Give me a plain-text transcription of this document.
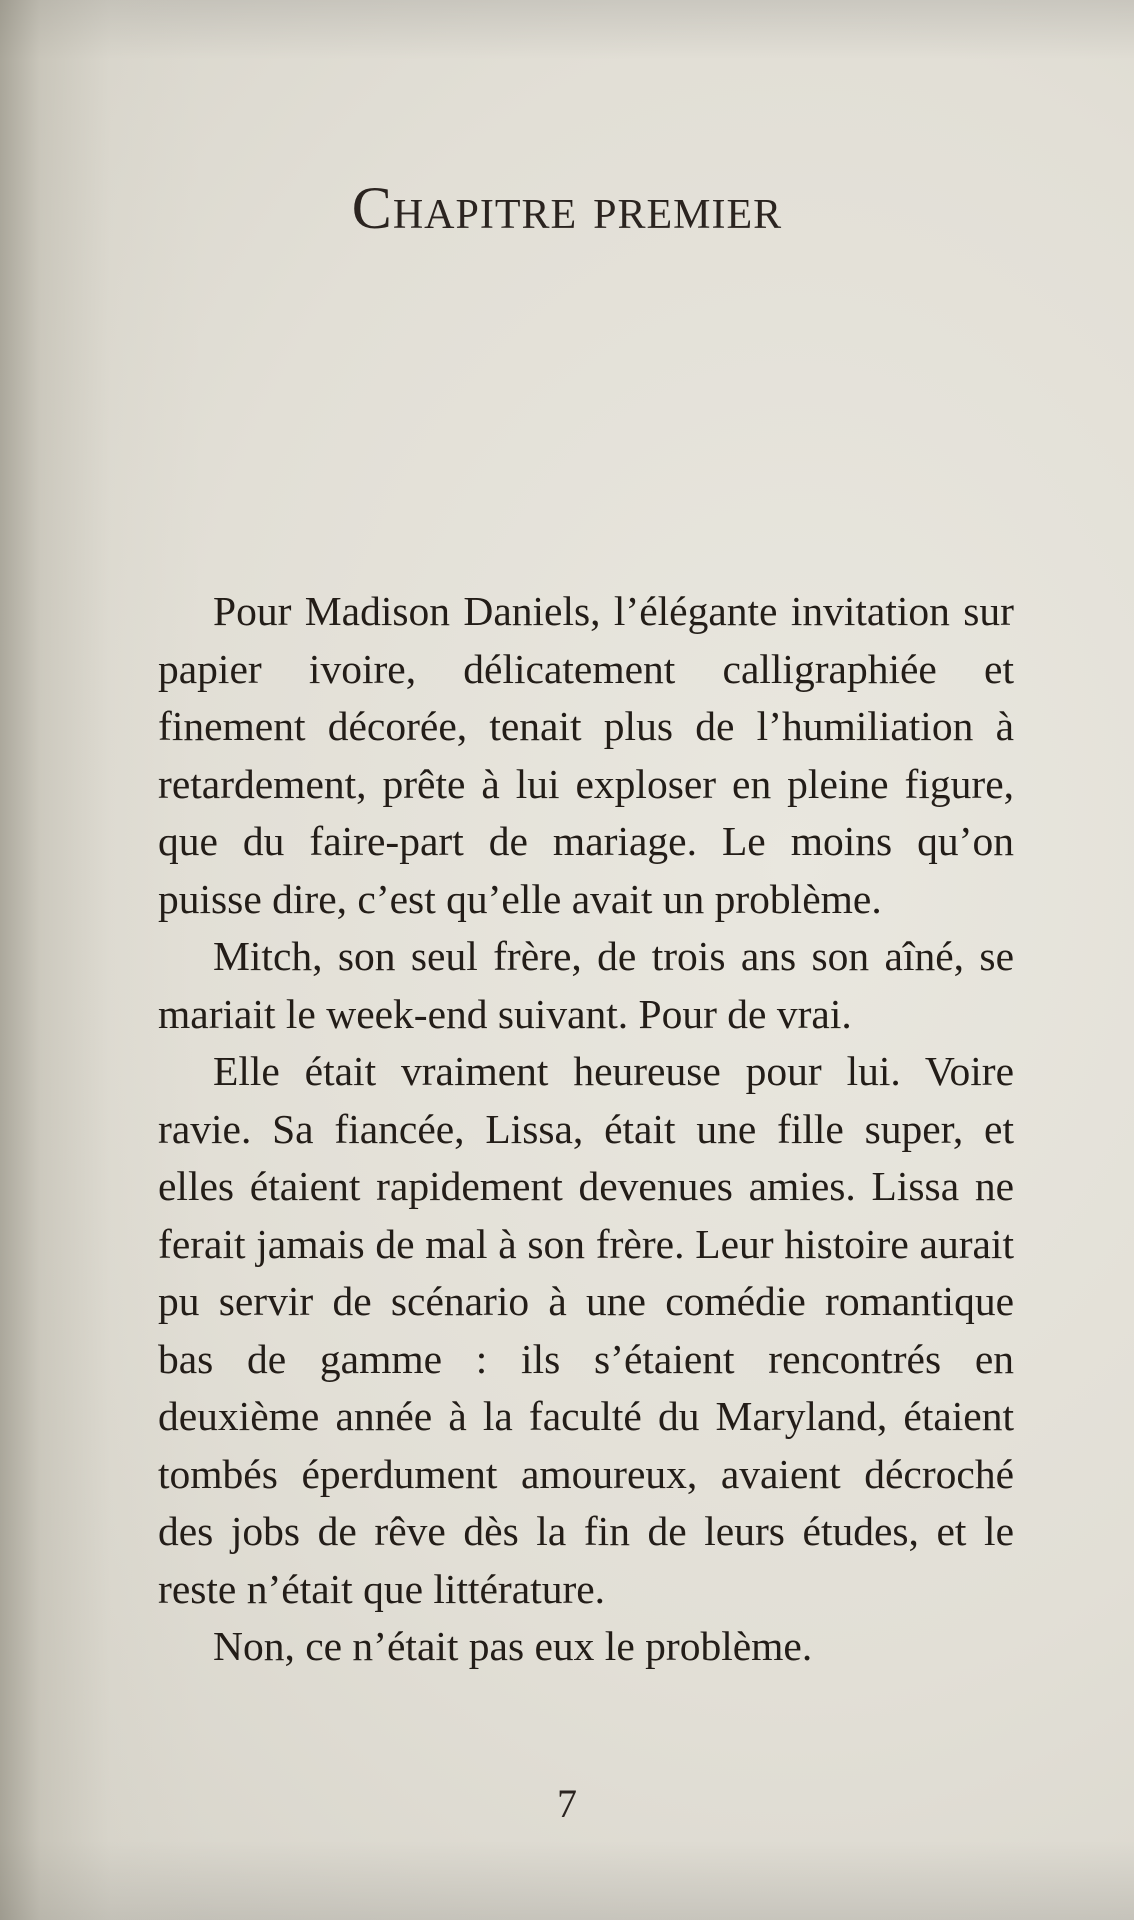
Chapitre premier

Pour Madison Daniels, l’élégante invitation sur papier ivoire, délicatement calligraphiée et finement décorée, tenait plus de l’humiliation à retardement, prête à lui exploser en pleine figure, que du faire-part de mariage. Le moins qu’on puisse dire, c’est qu’elle avait un problème.

Mitch, son seul frère, de trois ans son aîné, se mariait le week-end suivant. Pour de vrai.

Elle était vraiment heureuse pour lui. Voire ravie. Sa fiancée, Lissa, était une fille super, et elles étaient rapidement devenues amies. Lissa ne ferait jamais de mal à son frère. Leur histoire aurait pu servir de scénario à une comédie romantique bas de gamme : ils s’étaient rencontrés en deuxième année à la faculté du Maryland, étaient tombés éperdument amoureux, avaient décroché des jobs de rêve dès la fin de leurs études, et le reste n’était que littérature.

Non, ce n’était pas eux le problème.

7
